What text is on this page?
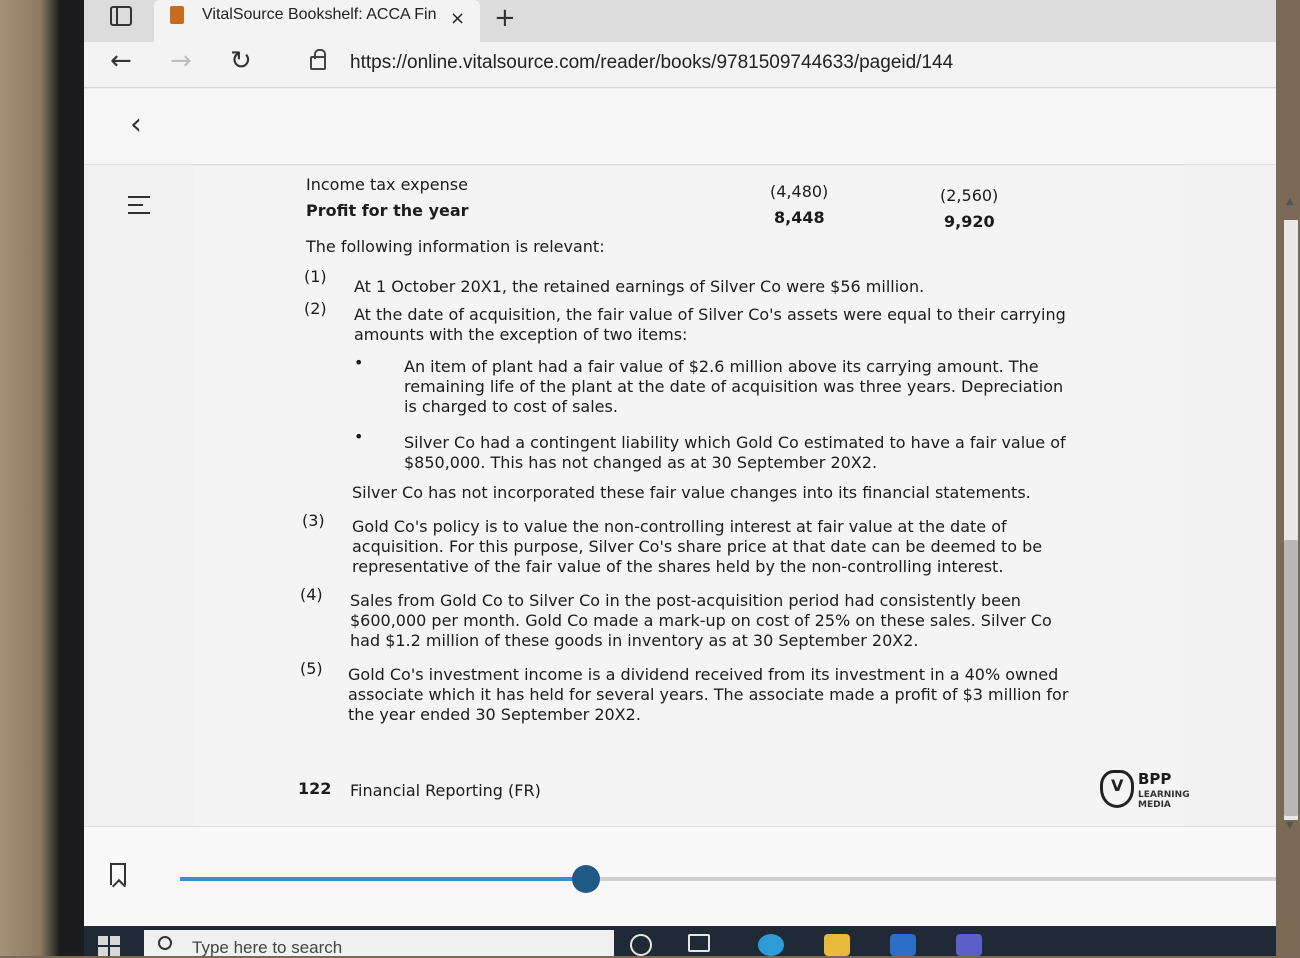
VitalSource Bookshelf: ACCA Fin × +
← → ↻	https://online.vitalsource.com/reader/books/9781509744633/pageid/144
‹
Income tax expense	(4,480)	(2,560)
Profit for the year	8,448	9,920
The following information is relevant:
(1)
At 1 October 20X1, the retained earnings of Silver Co were $56 million.
(2) At the date of acquisition, the fair value of Silver Co's assets were equal to their carrying
amounts with the exception of two items:
•	An item of plant had a fair value of $2.6 million above its carrying amount. The
remaining life of the plant at the date of acquisition was three years. Depreciation
is charged to cost of sales.
•	Silver Co had a contingent liability which Gold Co estimated to have a fair value of
$850,000. This has not changed as at 30 September 20X2.
Silver Co has not incorporated these fair value changes into its financial statements.
(3) Gold Co's policy is to value the non-controlling interest at fair value at the date of
acquisition. For this purpose, Silver Co's share price at that date can be deemed to be
representative of the fair value of the shares held by the non-controlling interest.
(4) Sales from Gold Co to Silver Co in the post-acquisition period had consistently been
$600,000 per month. Gold Co made a mark-up on cost of 25% on these sales. Silver Co
had $1.2 million of these goods in inventory as at 30 September 20X2.
(5) Gold Co's investment income is a dividend received from its investment in a 40% owned
associate which it has held for several years. The associate made a profit of $3 million for
the year ended 30 September 20X2.
122 Financial Reporting (FR)
V
BPP
LEARNING
MEDIA
▲
▼
Type here to search
